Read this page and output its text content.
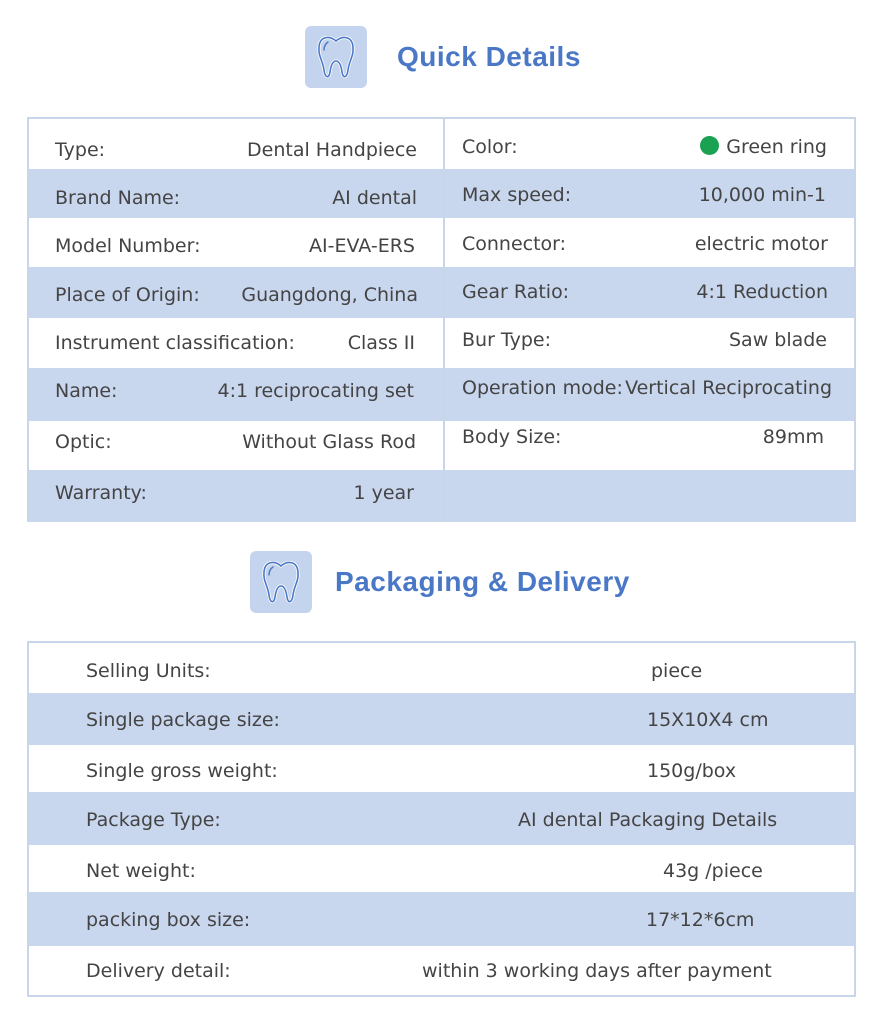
Quick Details
Type:	Dental Handpiece
Brand Name:	AI dental
Model Number:	AI-EVA-ERS
Place of Origin: Guangdong, China
Instrument classification:	Class II
Name:	4:1 reciprocating set
Optic:	Without Glass Rod
Warranty:	1 year
Color:	Green ring
Max speed:	10,000 min-1
Connector:	electric motor
Gear Ratio:	4:1 Reduction
Bur Type:	Saw blade
Operation mode: Vertical Reciprocating
Body Size:	89mm
Packaging & Delivery
Selling Units:	piece
Single package size:	15X10X4 cm
Single gross weight:	150g/box
Package Type:	AI dental Packaging Details
Net weight:	43g /piece
packing box size:	17*12*6cm
Delivery detail:	within 3 working days after payment
